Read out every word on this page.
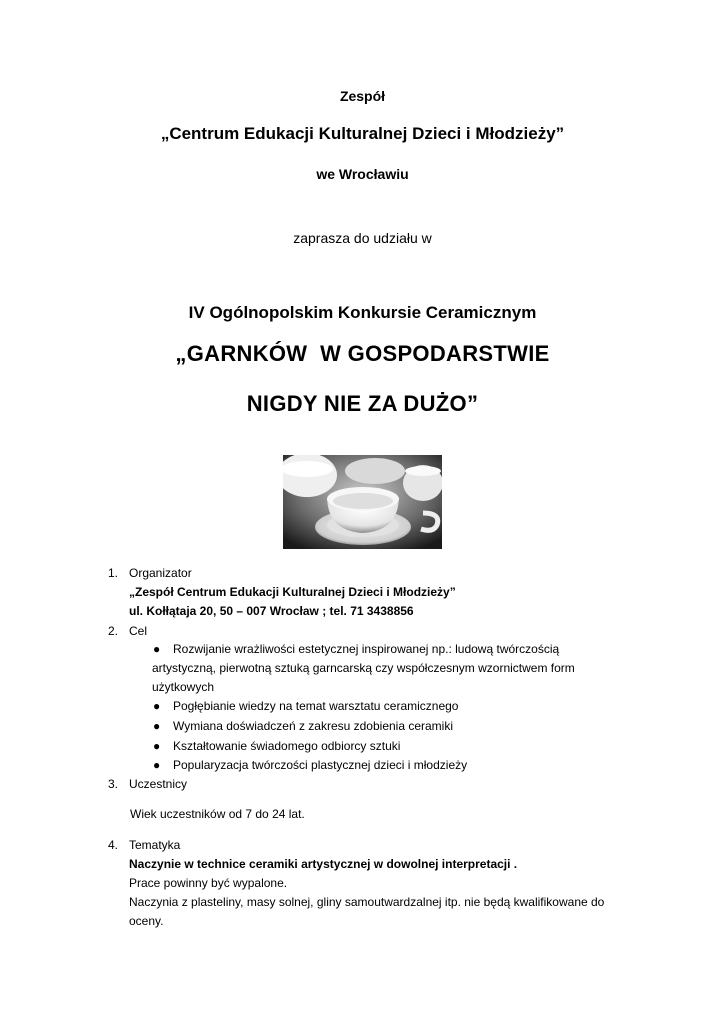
Zespół
„Centrum Edukacji Kulturalnej Dzieci i Młodzieży”
we Wrocławiu
zaprasza do udziału w
IV Ogólnopolskim Konkursie Ceramicznym
„GARNKÓW  W GOSPODARSTWIE
NIGDY NIE ZA DUŻO”
1. Organizator
„Zespół Centrum Edukacji Kulturalnej Dzieci i Młodzieży”
ul. Kołłątaja 20, 50 – 007 Wrocław ; tel. 71 3438856
2. Cel
● Rozwijanie wrażliwości estetycznej inspirowanej np.: ludową twórczością
artystyczną, pierwotną sztuką garncarską czy współczesnym wzornictwem form
użytkowych
● Pogłębianie wiedzy na temat warsztatu ceramicznego
● Wymiana doświadczeń z zakresu zdobienia ceramiki
● Kształtowanie świadomego odbiorcy sztuki
● Popularyzacja twórczości plastycznej dzieci i młodzieży
3. Uczestnicy
Wiek uczestników od 7 do 24 lat.
4. Tematyka
Naczynie w technice ceramiki artystycznej w dowolnej interpretacji .
Prace powinny być wypalone.
Naczynia z plasteliny, masy solnej, gliny samoutwardzalnej itp. nie będą kwalifikowane do
oceny.
